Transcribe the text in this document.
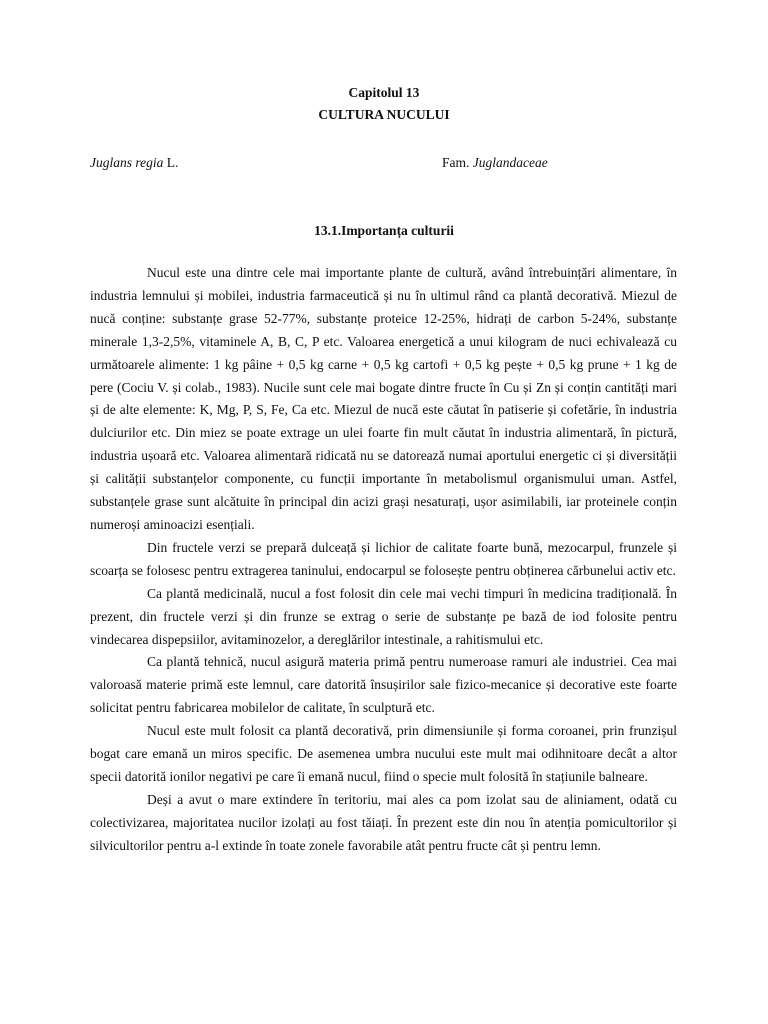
Capitolul 13
CULTURA NUCULUI
Juglans regia L.	Fam. Juglandaceae
13.1.Importanța culturii

Nucul este una dintre cele mai importante plante de cultură, având întrebuințări alimentare, în industria lemnului și mobilei, industria farmaceutică și nu în ultimul rând ca plantă decorativă. Miezul de nucă conține: substanțe grase 52-77%, substanțe proteice 12-25%, hidrați de carbon 5-24%, substanțe minerale 1,3-2,5%, vitaminele A, B, C, P etc. Valoarea energetică a unui kilogram de nuci echivalează cu următoarele alimente: 1 kg pâine + 0,5 kg carne + 0,5 kg cartofi + 0,5 kg pește + 0,5 kg prune + 1 kg de pere (Cociu V. și colab., 1983). Nucile sunt cele mai bogate dintre fructe în Cu și Zn și conțin cantități mari și de alte elemente: K, Mg, P, S, Fe, Ca etc. Miezul de nucă este căutat în patiserie și cofetărie, în industria dulciurilor etc. Din miez se poate extrage un ulei foarte fin mult căutat în industria alimentară, în pictură, industria ușoară etc. Valoarea alimentară ridicată nu se datorează numai aportului energetic ci și diversității și calității substanțelor componente, cu funcții importante în metabolismul organismului uman. Astfel, substanțele grase sunt alcătuite în principal din acizi grași nesaturați, ușor asimilabili, iar proteinele conțin numeroși aminoacizi esențiali.

Din fructele verzi se prepară dulceață și lichior de calitate foarte bună, mezocarpul, frunzele și scoarța se folosesc pentru extragerea taninului, endocarpul se folosește pentru obținerea cărbunelui activ etc.

Ca plantă medicinală, nucul a fost folosit din cele mai vechi timpuri în medicina tradițională. În prezent, din fructele verzi și din frunze se extrag o serie de substanțe pe bază de iod folosite pentru vindecarea dispepsiilor, avitaminozelor, a dereglărilor intestinale, a rahitismului etc.

Ca plantă tehnică, nucul asigură materia primă pentru numeroase ramuri ale industriei. Cea mai valoroasă materie primă este lemnul, care datorită însușirilor sale fizico-mecanice și decorative este foarte solicitat pentru fabricarea mobilelor de calitate, în sculptură etc.

Nucul este mult folosit ca plantă decorativă, prin dimensiunile și forma coroanei, prin frunzișul bogat care emană un miros specific. De asemenea umbra nucului este mult mai odihnitoare decât a altor specii datorită ionilor negativi pe care îi emană nucul, fiind o specie mult folosită în stațiunile balneare.

Deși a avut o mare extindere în teritoriu, mai ales ca pom izolat sau de aliniament, odată cu colectivizarea, majoritatea nucilor izolați au fost tăiați. În prezent este din nou în atenția pomicultorilor și silvicultorilor pentru a-l extinde în toate zonele favorabile atât pentru fructe cât și pentru lemn.
